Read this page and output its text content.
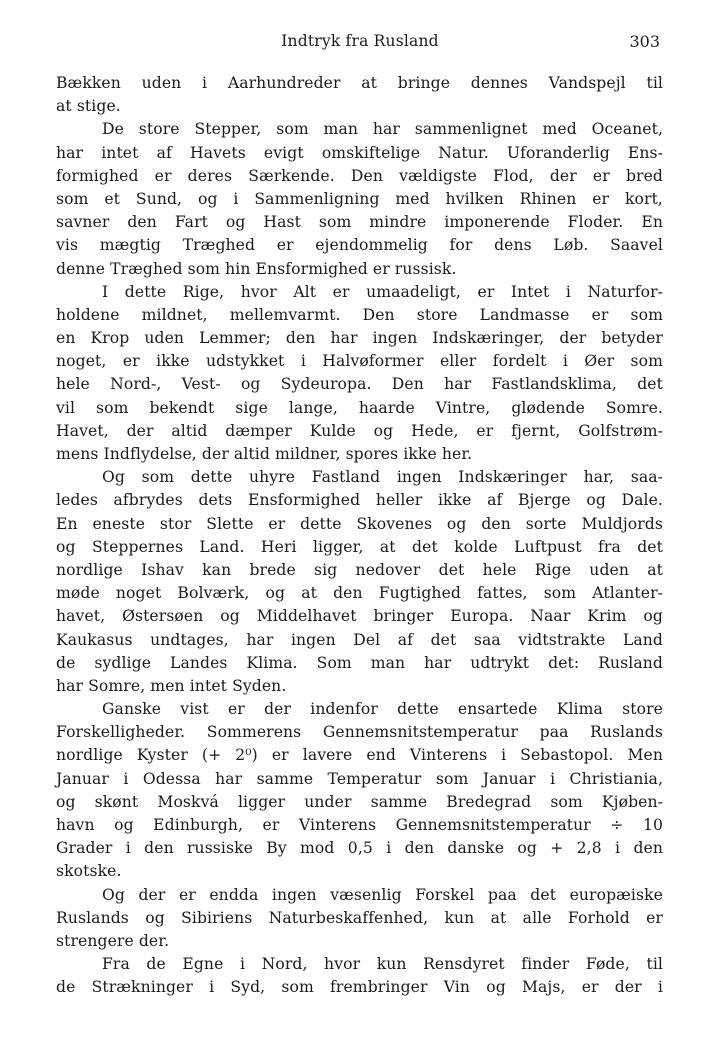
Indtryk fra Rusland	303
Bækken uden i Aarhundreder at bringe dennes Vandspejl til
at stige.
De store Stepper, som man har sammenlignet med Oceanet,
har intet af Havets evigt omskiftelige Natur. Uforanderlig Ens-
formighed er deres Særkende. Den vældigste Flod, der er bred
som et Sund, og i Sammenligning med hvilken Rhinen er kort,
savner den Fart og Hast som mindre imponerende Floder. En
vis mægtig Træghed er ejendommelig for dens Løb. Saavel
denne Træghed som hin Ensformighed er russisk.
I dette Rige, hvor Alt er umaadeligt, er Intet i Naturfor-
holdene mildnet, mellemvarmt. Den store Landmasse er som
en Krop uden Lemmer; den har ingen Indskæringer, der betyder
noget, er ikke udstykket i Halvøformer eller fordelt i Øer som
hele Nord-, Vest- og Sydeuropa. Den har Fastlandsklima, det
vil som bekendt sige lange, haarde Vintre, glødende Somre.
Havet, der altid dæmper Kulde og Hede, er fjernt, Golfstrøm-
mens Indflydelse, der altid mildner, spores ikke her.
Og som dette uhyre Fastland ingen Indskæringer har, saa-
ledes afbrydes dets Ensformighed heller ikke af Bjerge og Dale.
En eneste stor Slette er dette Skovenes og den sorte Muldjords
og Steppernes Land. Heri ligger, at det kolde Luftpust fra det
nordlige Ishav kan brede sig nedover det hele Rige uden at
møde noget Bolværk, og at den Fugtighed fattes, som Atlanter-
havet, Østersøen og Middelhavet bringer Europa. Naar Krim og
Kaukasus undtages, har ingen Del af det saa vidtstrakte Land
de sydlige Landes Klima. Som man har udtrykt det: Rusland
har Somre, men intet Syden.
Ganske vist er der indenfor dette ensartede Klima store
Forskelligheder. Sommerens Gennemsnitstemperatur paa Ruslands
nordlige Kyster (+ 2⁰) er lavere end Vinterens i Sebastopol. Men
Januar i Odessa har samme Temperatur som Januar i Christiania,
og skønt Moskvá ligger under samme Bredegrad som Kjøben-
havn og Edinburgh, er Vinterens Gennemsnitstemperatur ÷ 10
Grader i den russiske By mod 0,5 i den danske og + 2,8 i den
skotske.
Og der er endda ingen væsenlig Forskel paa det europæiske
Ruslands og Sibiriens Naturbeskaffenhed, kun at alle Forhold er
strengere der.
Fra de Egne i Nord, hvor kun Rensdyret finder Føde, til
de Strækninger i Syd, som frembringer Vin og Majs, er der i
